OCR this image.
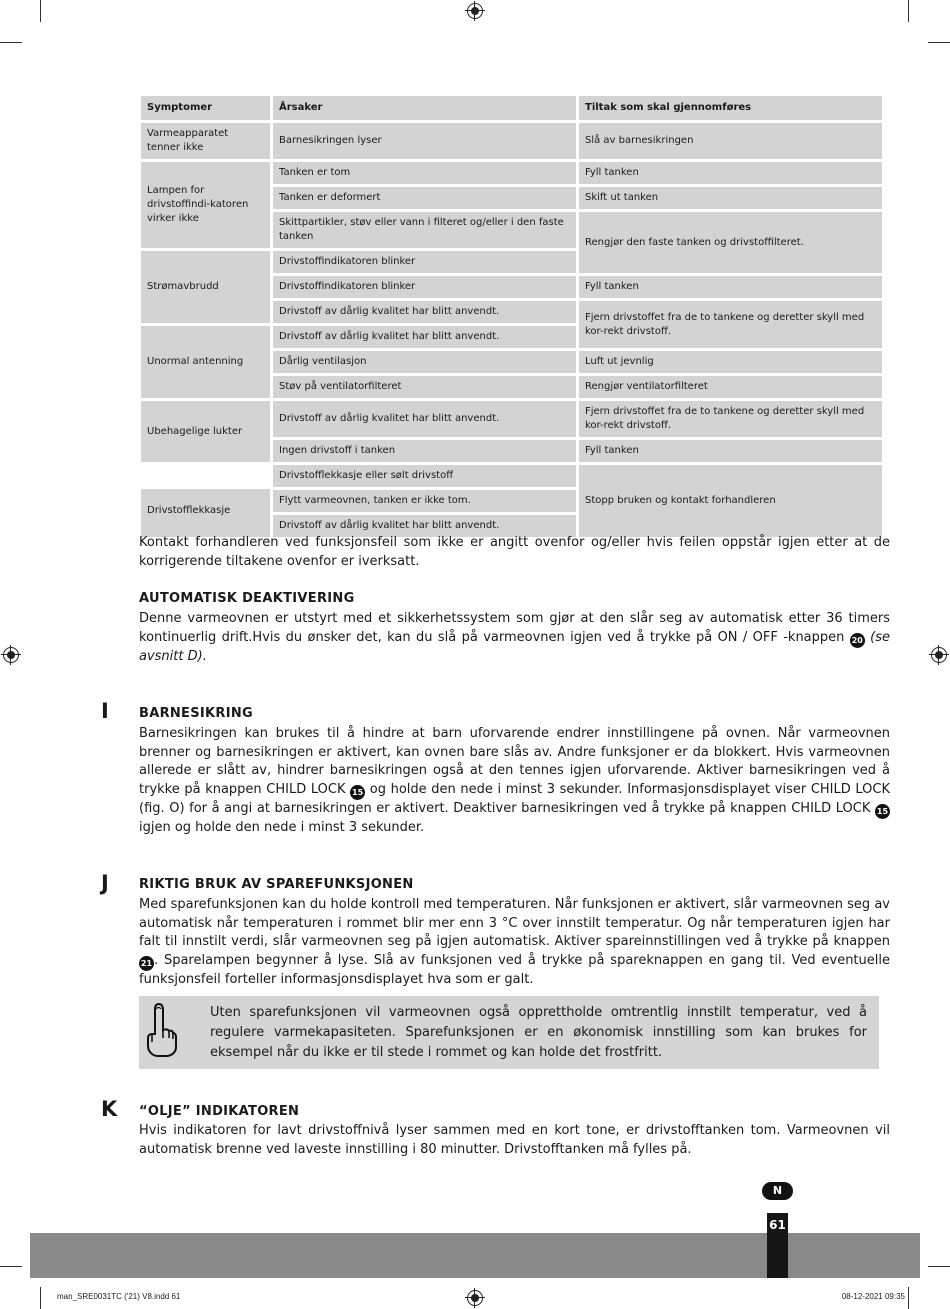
Symptomer	Årsaker	Tiltak som skal gjennomføres
Varmeapparatet tenner ikke	Barnesikringen lyser	Slå av barnesikringen
Lampen for drivstoffindi-katoren virker ikke	Tanken er tom	Fyll tanken
	Tanken er deformert	Skift ut tanken
	Skittpartikler, støv eller vann i filteret og/eller i den faste tanken	Rengjør den faste tanken og drivstoffilteret.
Strømavbrudd	Drivstoffindikatoren blinker	
	Drivstoffindikatoren blinker	Fyll tanken
	Drivstoff av dårlig kvalitet har blitt anvendt.	Fjern drivstoffet fra de to tankene og deretter skyll med kor-rekt drivstoff.
Unormal antenning	Drivstoff av dårlig kvalitet har blitt anvendt.	
	Dårlig ventilasjon	Luft ut jevnlig
	Støv på ventilatorfilteret	Rengjør ventilatorfilteret
Ubehagelige lukter	Drivstoff av dårlig kvalitet har blitt anvendt.	Fjern drivstoffet fra de to tankene og deretter skyll med kor-rekt drivstoff.
	Ingen drivstoff i tanken	Fyll tanken
Drivstofflekkasje	Drivstofflekkasje eller sølt drivstoff	Stopp bruken og kontakt forhandleren
	Flytt varmeovnen, tanken er ikke tom.	
	Drivstoff av dårlig kvalitet har blitt anvendt.	

Kontakt forhandleren ved funksjonsfeil som ikke er angitt ovenfor og/eller hvis feilen oppstår igjen etter at de korrigerende tiltakene ovenfor er iverksatt.

AUTOMATISK DEAKTIVERING

Denne varmeovnen er utstyrt med et sikkerhetssystem som gjør at den slår seg av automatisk etter 36 timers kontinuerlig drift.Hvis du ønsker det, kan du slå på varmeovnen igjen ved å trykke på ON / OFF -knappen 20 (se avsnitt D).

I BARNESIKRING

Barnesikringen kan brukes til å hindre at barn uforvarende endrer innstillingene på ovnen. Når varmeovnen brenner og barnesikringen er aktivert, kan ovnen bare slås av. Andre funksjoner er da blokkert. Hvis varmeovnen allerede er slått av, hindrer barnesikringen også at den tennes igjen uforvarende. Aktiver barnesikringen ved å trykke på knappen CHILD LOCK 15 og holde den nede i minst 3 sekunder. Informasjonsdisplayet viser CHILD LOCK (fig. O) for å angi at barnesikringen er aktivert. Deaktiver barnesikringen ved å trykke på knappen CHILD LOCK 15 igjen og holde den nede i minst 3 sekunder.

J RIKTIG BRUK AV SPAREFUNKSJONEN

Med sparefunksjonen kan du holde kontroll med temperaturen. Når funksjonen er aktivert, slår varmeovnen seg av automatisk når temperaturen i rommet blir mer enn 3 °C over innstilt temperatur. Og når temperaturen igjen har falt til innstilt verdi, slår varmeovnen seg på igjen automatisk. Aktiver spareinnstillingen ved å trykke på knappen 21 . Sparelampen begynner å lyse. Slå av funksjonen ved å trykke på spareknappen en gang til. Ved eventuelle funksjonsfeil forteller informasjonsdisplayet hva som er galt.

Uten sparefunksjonen vil varmeovnen også opprettholde omtrentlig innstilt temperatur, ved å regulere varmekapasiteten. Sparefunksjonen er en økonomisk innstilling som kan brukes for eksempel når du ikke er til stede i rommet og kan holde det frostfritt.

K “OLJE” INDIKATOREN

Hvis indikatoren for lavt drivstoffnivå lyser sammen med en kort tone, er drivstofftanken tom. Varmeovnen vil automatisk brenne ved laveste innstilling i 80 minutter. Drivstofftanken må fylles på.

N
61
man_SRE0031TC ('21) V8.indd 61	08-12-2021 09:35
